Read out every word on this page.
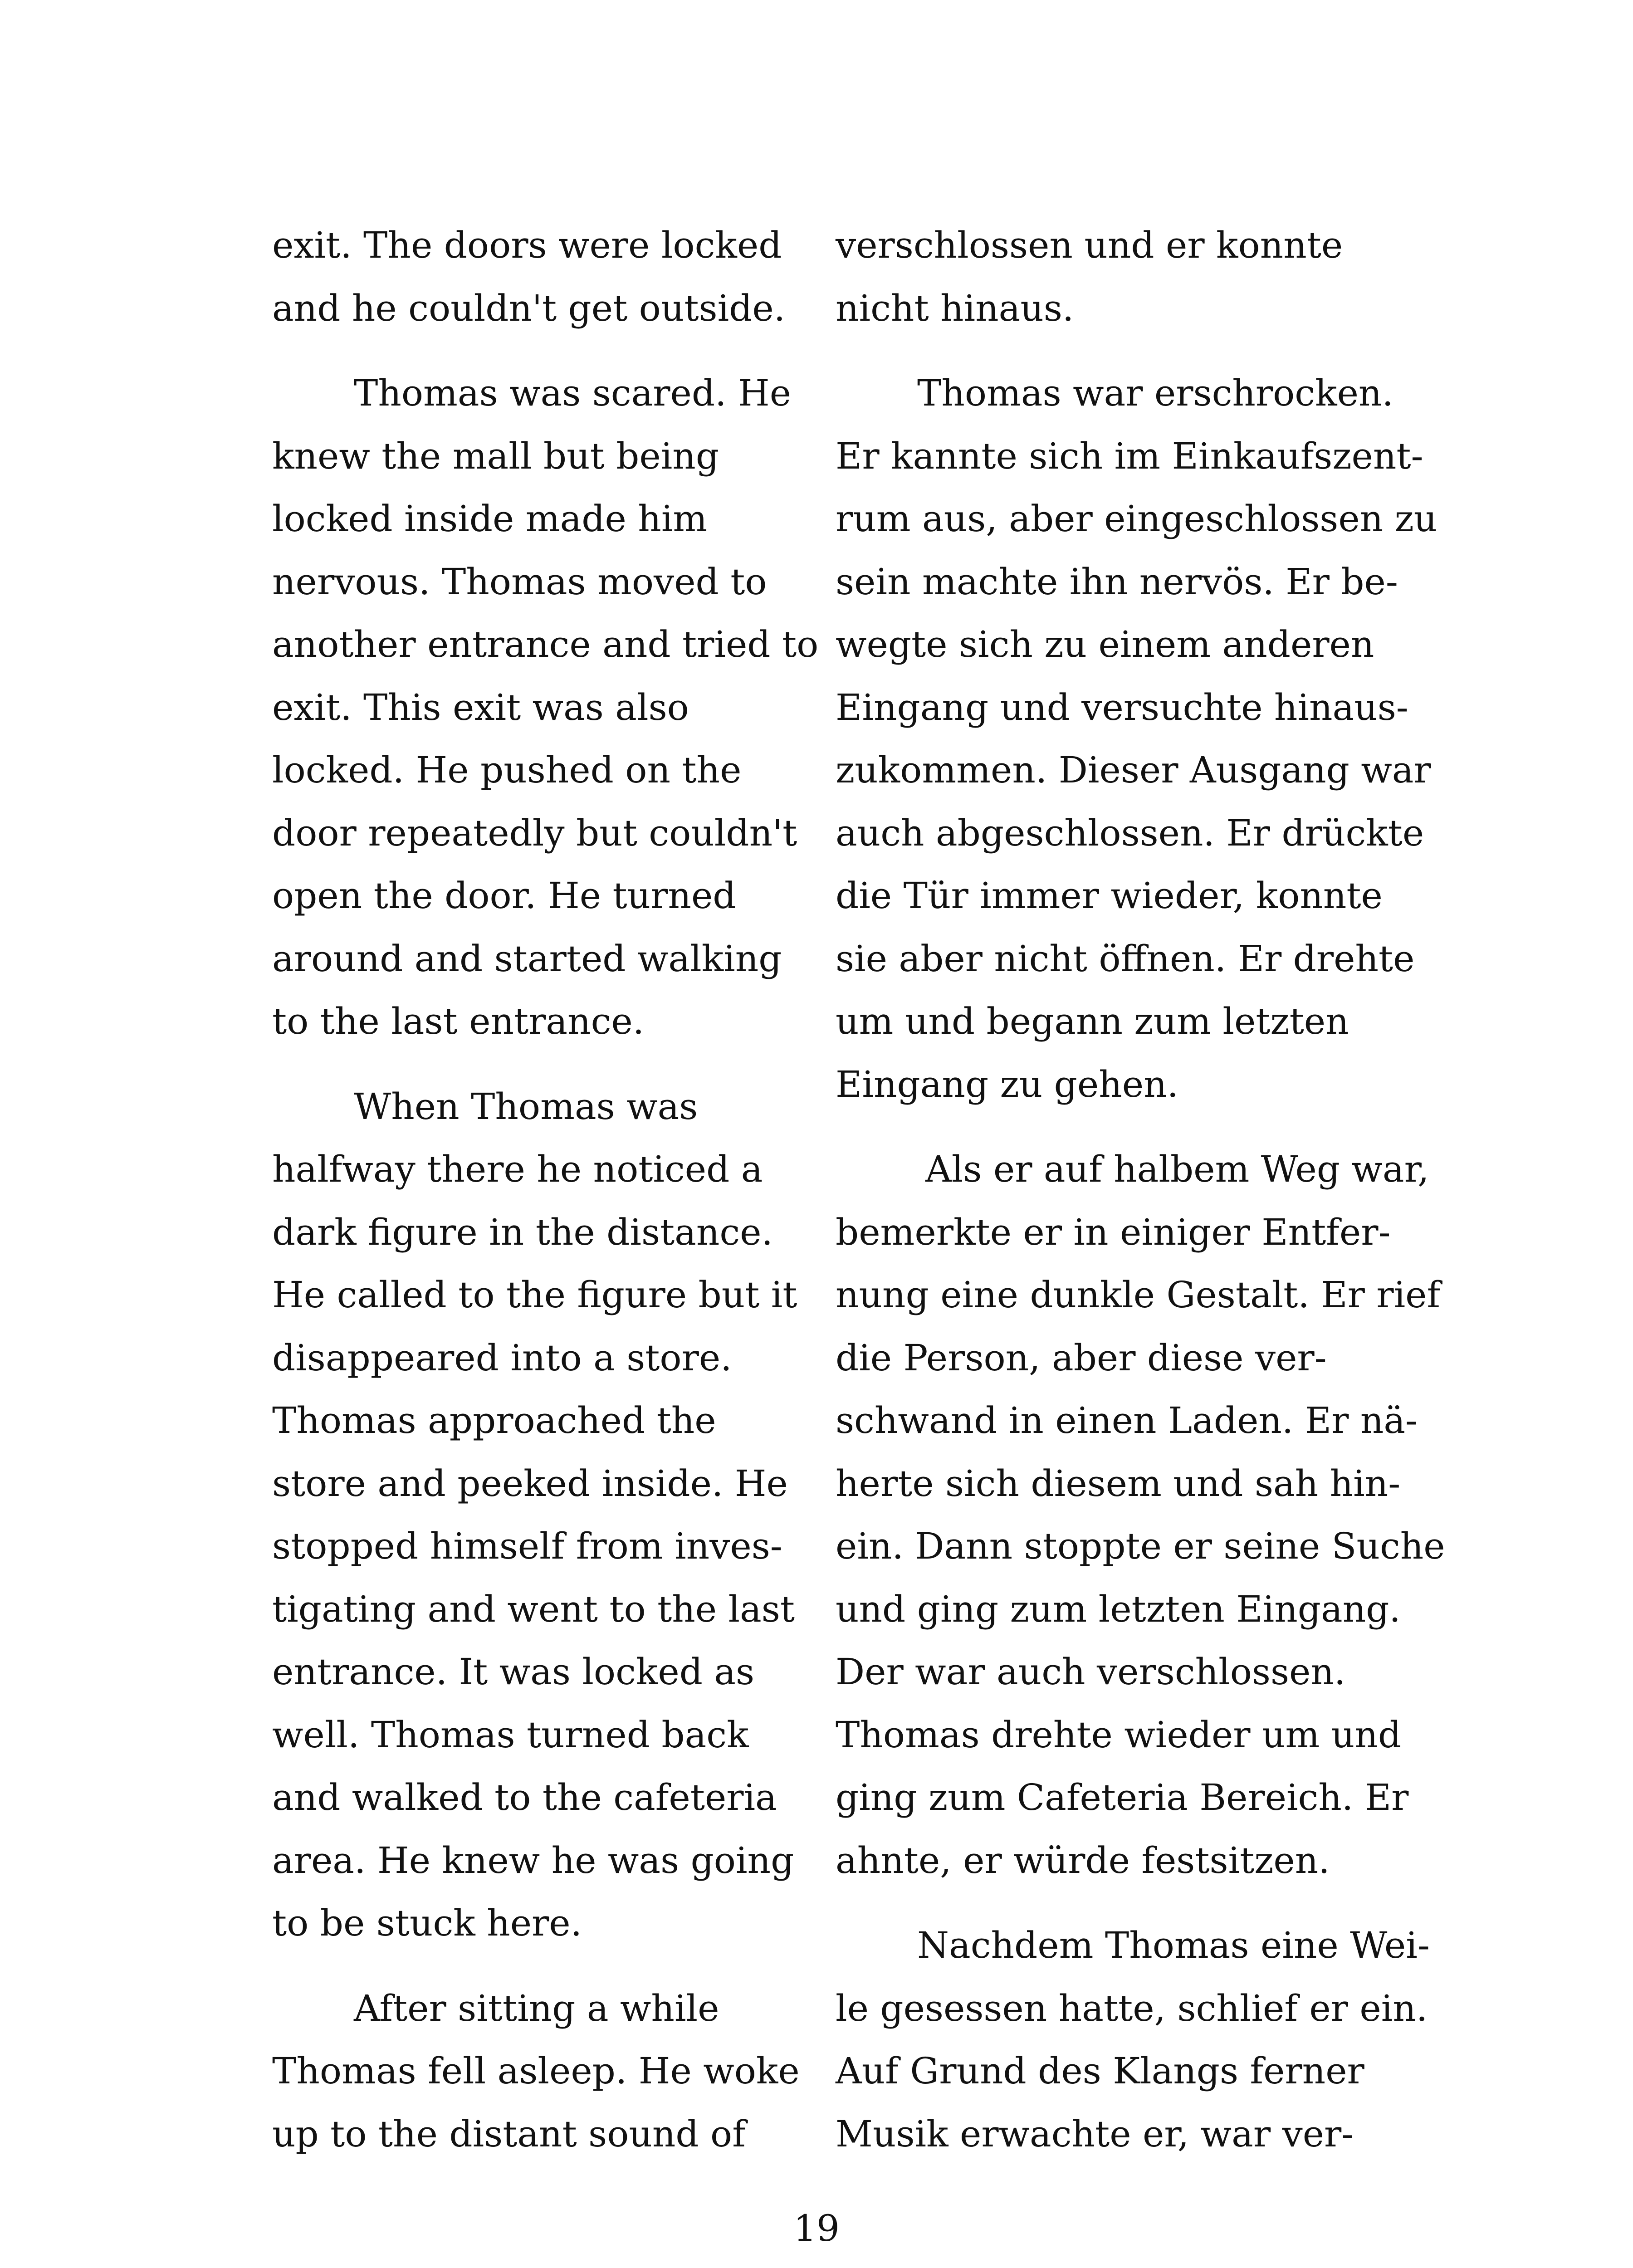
exit. The doors were locked
and he couldn't get outside.

Thomas was scared. He
knew the mall but being
locked inside made him
nervous. Thomas moved to
another entrance and tried to
exit. This exit was also
locked. He pushed on the
door repeatedly but couldn't
open the door. He turned
around and started walking
to the last entrance.

When Thomas was
halfway there he noticed a
dark figure in the distance.
He called to the figure but it
disappeared into a store.
Thomas approached the
store and peeked inside. He
stopped himself from inves-
tigating and went to the last
entrance. It was locked as
well. Thomas turned back
and walked to the cafeteria
area. He knew he was going
to be stuck here.

After sitting a while
Thomas fell asleep. He woke
up to the distant sound of

verschlossen und er konnte
nicht hinaus.

Thomas war erschrocken.
Er kannte sich im Einkaufszent-
rum aus, aber eingeschlossen zu
sein machte ihn nervös. Er be-
wegte sich zu einem anderen
Eingang und versuchte hinaus-
zukommen. Dieser Ausgang war
auch abgeschlossen. Er drückte
die Tür immer wieder, konnte
sie aber nicht öffnen. Er drehte
um und begann zum letzten
Eingang zu gehen.

Als er auf halbem Weg war,
bemerkte er in einiger Entfer-
nung eine dunkle Gestalt. Er rief
die Person, aber diese ver-
schwand in einen Laden. Er nä-
herte sich diesem und sah hin-
ein. Dann stoppte er seine Suche
und ging zum letzten Eingang.
Der war auch verschlossen.
Thomas drehte wieder um und
ging zum Cafeteria Bereich. Er
ahnte, er würde festsitzen.

Nachdem Thomas eine Wei-
le gesessen hatte, schlief er ein.
Auf Grund des Klangs ferner
Musik erwachte er, war ver-

19
